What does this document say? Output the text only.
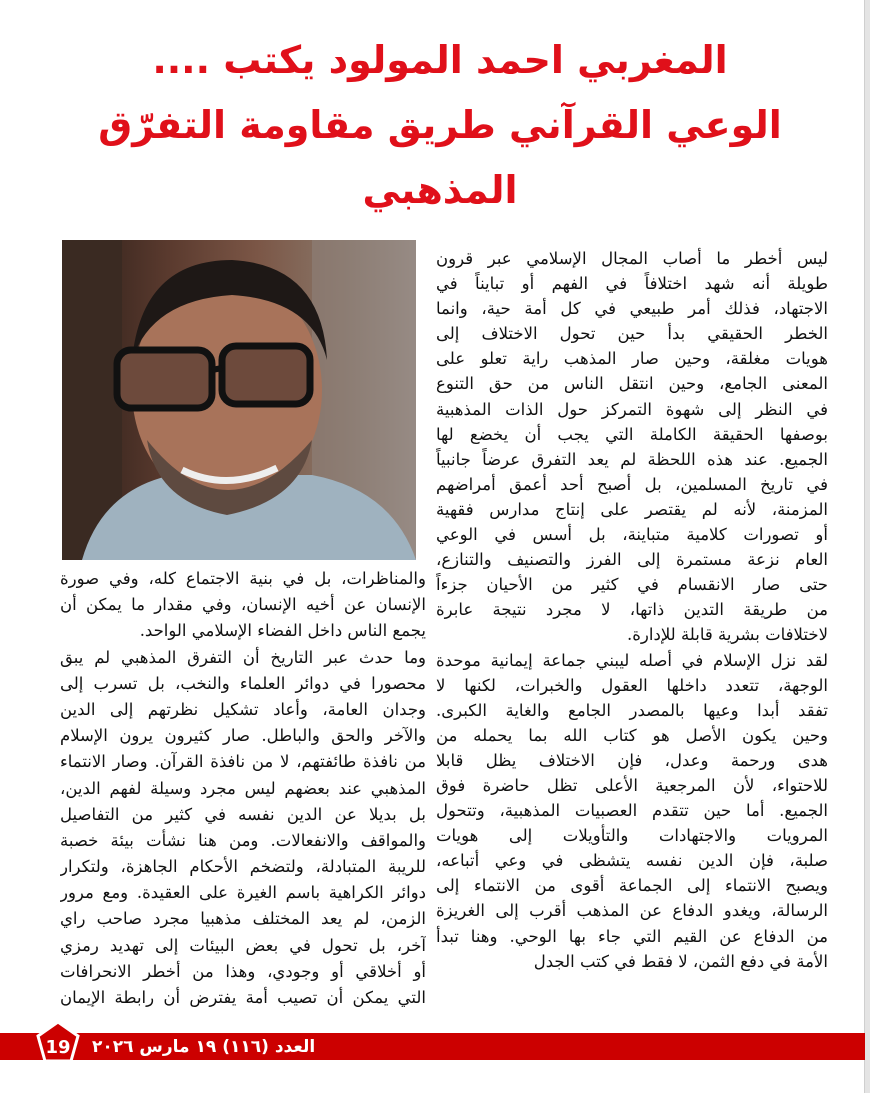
المغربي احمد المولود يكتب ....
الوعي القرآني طريق مقاومة التفرّق
المذهبي
ليس أخطر ما أصاب المجال الإسلامي عبر قرون
طويلة أنه شهد اختلافاً في الفهم أو تبايناً في
الاجتهاد، فذلك أمر طبيعي في كل أمة حية، وانما
الخطر الحقيقي بدأ حين تحول الاختلاف إلى
هويات مغلقة، وحين صار المذهب راية تعلو على
المعنى الجامع، وحين انتقل الناس من حق التنوع
في النظر إلى شهوة التمركز حول الذات المذهبية
بوصفها الحقيقة الكاملة التي يجب أن يخضع لها
الجميع. عند هذه اللحظة لم يعد التفرق عرضاً جانبياً
في تاريخ المسلمين، بل أصبح أحد أعمق أمراضهم
المزمنة، لأنه لم يقتصر على إنتاج مدارس فقهية
أو تصورات كلامية متباينة، بل أسس في الوعي
العام نزعة مستمرة إلى الفرز والتصنيف والتنازع،
حتى صار الانقسام في كثير من الأحيان جزءاً
من طريقة التدين ذاتها، لا مجرد نتيجة عابرة
لاختلافات بشرية قابلة للإدارة.
لقد نزل الإسلام في أصله ليبني جماعة إيمانية موحدة
الوجهة، تتعدد داخلها العقول والخبرات، لكنها لا
تفقد أبدا وعيها بالمصدر الجامع والغاية الكبرى.
وحين يكون الأصل هو كتاب الله بما يحمله من
هدى ورحمة وعدل، فإن الاختلاف يظل قابلا
للاحتواء، لأن المرجعية الأعلى تظل حاضرة فوق
الجميع. أما حين تتقدم العصبيات المذهبية، وتتحول
المرويات والاجتهادات والتأويلات إلى هويات
صلبة، فإن الدين نفسه يتشظى في وعي أتباعه،
ويصبح الانتماء إلى الجماعة أقوى من الانتماء إلى
الرسالة، ويغدو الدفاع عن المذهب أقرب إلى الغريزة
من الدفاع عن القيم التي جاء بها الوحي. وهنا تبدأ
الأمة في دفع الثمن، لا فقط في كتب الجدل
والمناظرات، بل في بنية الاجتماع كله، وفي صورة
الإنسان عن أخيه الإنسان، وفي مقدار ما يمكن أن
يجمع الناس داخل الفضاء الإسلامي الواحد.
وما حدث عبر التاريخ أن التفرق المذهبي لم يبق
محصورا في دوائر العلماء والنخب، بل تسرب إلى
وجدان العامة، وأعاد تشكيل نظرتهم إلى الدين
والآخر والحق والباطل. صار كثيرون يرون الإسلام
من نافذة طائفتهم، لا من نافذة القرآن. وصار الانتماء
المذهبي عند بعضهم ليس مجرد وسيلة لفهم الدين،
بل بديلا عن الدين نفسه في كثير من التفاصيل
والمواقف والانفعالات. ومن هنا نشأت بيئة خصبة
للريبة المتبادلة، ولتضخم الأحكام الجاهزة، ولتكرار
دوائر الكراهية باسم الغيرة على العقيدة. ومع مرور
الزمن، لم يعد المختلف مذهبيا مجرد صاحب راي
آخر، بل تحول في بعض البيئات إلى تهديد رمزي
أو أخلاقي أو وجودي، وهذا من أخطر الانحرافات
التي يمكن أن تصيب أمة يفترض أن رابطة الإيمان
19 العدد (١١٦) ١٩ مارس ٢٠٢٦
